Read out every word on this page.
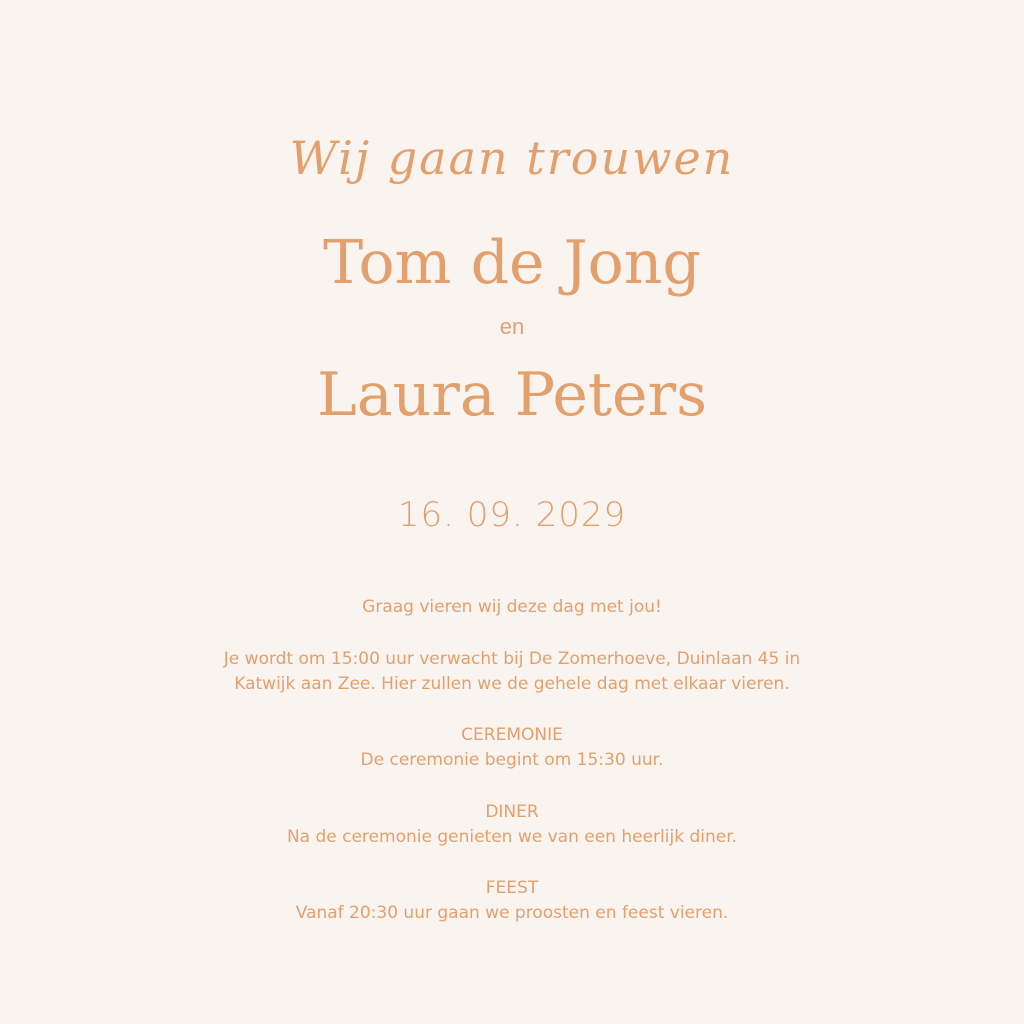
Wij gaan trouwen
Tom de Jong
en
Laura Peters
16. 09. 2029
Graag vieren wij deze dag met jou!
Je wordt om 15:00 uur verwacht bij De Zomerhoeve, Duinlaan 45 in
Katwijk aan Zee. Hier zullen we de gehele dag met elkaar vieren.
CEREMONIE
De ceremonie begint om 15:30 uur.
DINER
Na de ceremonie genieten we van een heerlijk diner.
FEEST
Vanaf 20:30 uur gaan we proosten en feest vieren.
